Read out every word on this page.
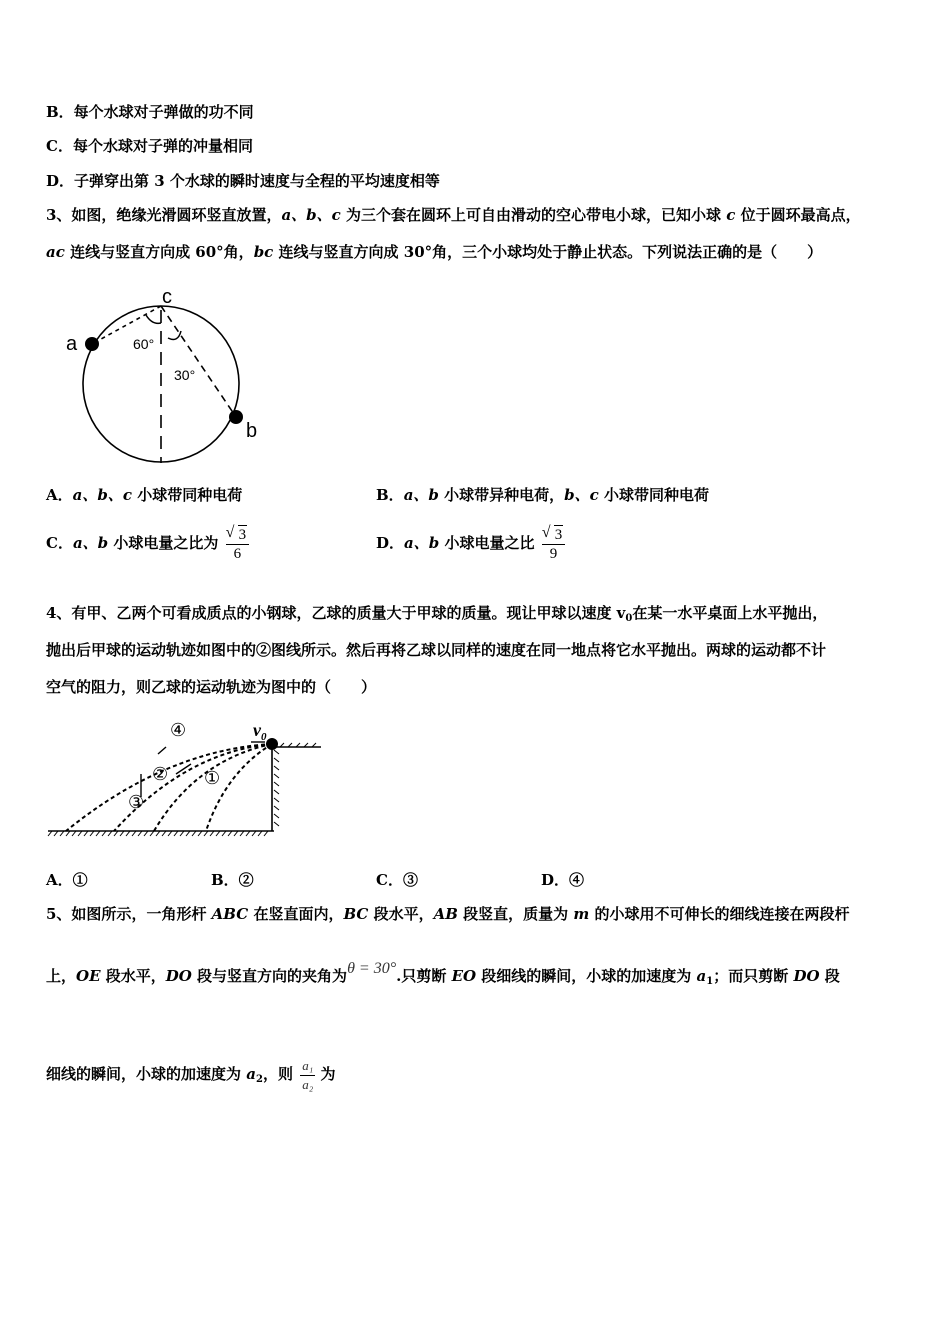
B．每个水球对子弹做的功不同
C．每个水球对子弹的冲量相同
D．子弹穿出第 3 个水球的瞬时速度与全程的平均速度相等
3、如图，绝缘光滑圆环竖直放置，a、b、c 为三个套在圆环上可自由滑动的空心带电小球，已知小球 c 位于圆环最高点，
ac 连线与竖直方向成 60°角，bc 连线与竖直方向成 30°角，三个小球均处于静止状态。下列说法正确的是（　　）
a
b
c
60°
30°
A．a、b、c 小球带同种电荷	B．a、b 小球带异种电荷，b、c 小球带同种电荷
C．a、b 小球电量之比为 √ $\frac{3}{6}$	D．a、b 小球电量之比 √ $\frac{3}{9}$
4、有甲、乙两个可看成质点的小钢球，乙球的质量大于甲球的质量。现让甲球以速度 $v_0$在某一水平桌面上水平抛出，
抛出后甲球的运动轨迹如图中的②图线所示。然后再将乙球以同样的速度在同一地点将它水平抛出。两球的运动都不计
空气的阻力，则乙球的运动轨迹为图中的（　　）
$v_0$
④
② ①
③
A．①	B．②	C．③	D．④
5、如图所示，一角形杆 ABC 在竖直面内，BC 段水平，AB 段竖直，质量为 m 的小球用不可伸长的细线连接在两段杆
上，OE 段水平，DO 段与竖直方向的夹角为θ = 30°.只剪断 EO 段细线的瞬间，小球的加速度为 $a_1$；而只剪断 DO 段
细线的瞬间，小球的加速度为 $a_2$，则 $\frac{\text{a₁}}{\text{a₂}}$ 为
